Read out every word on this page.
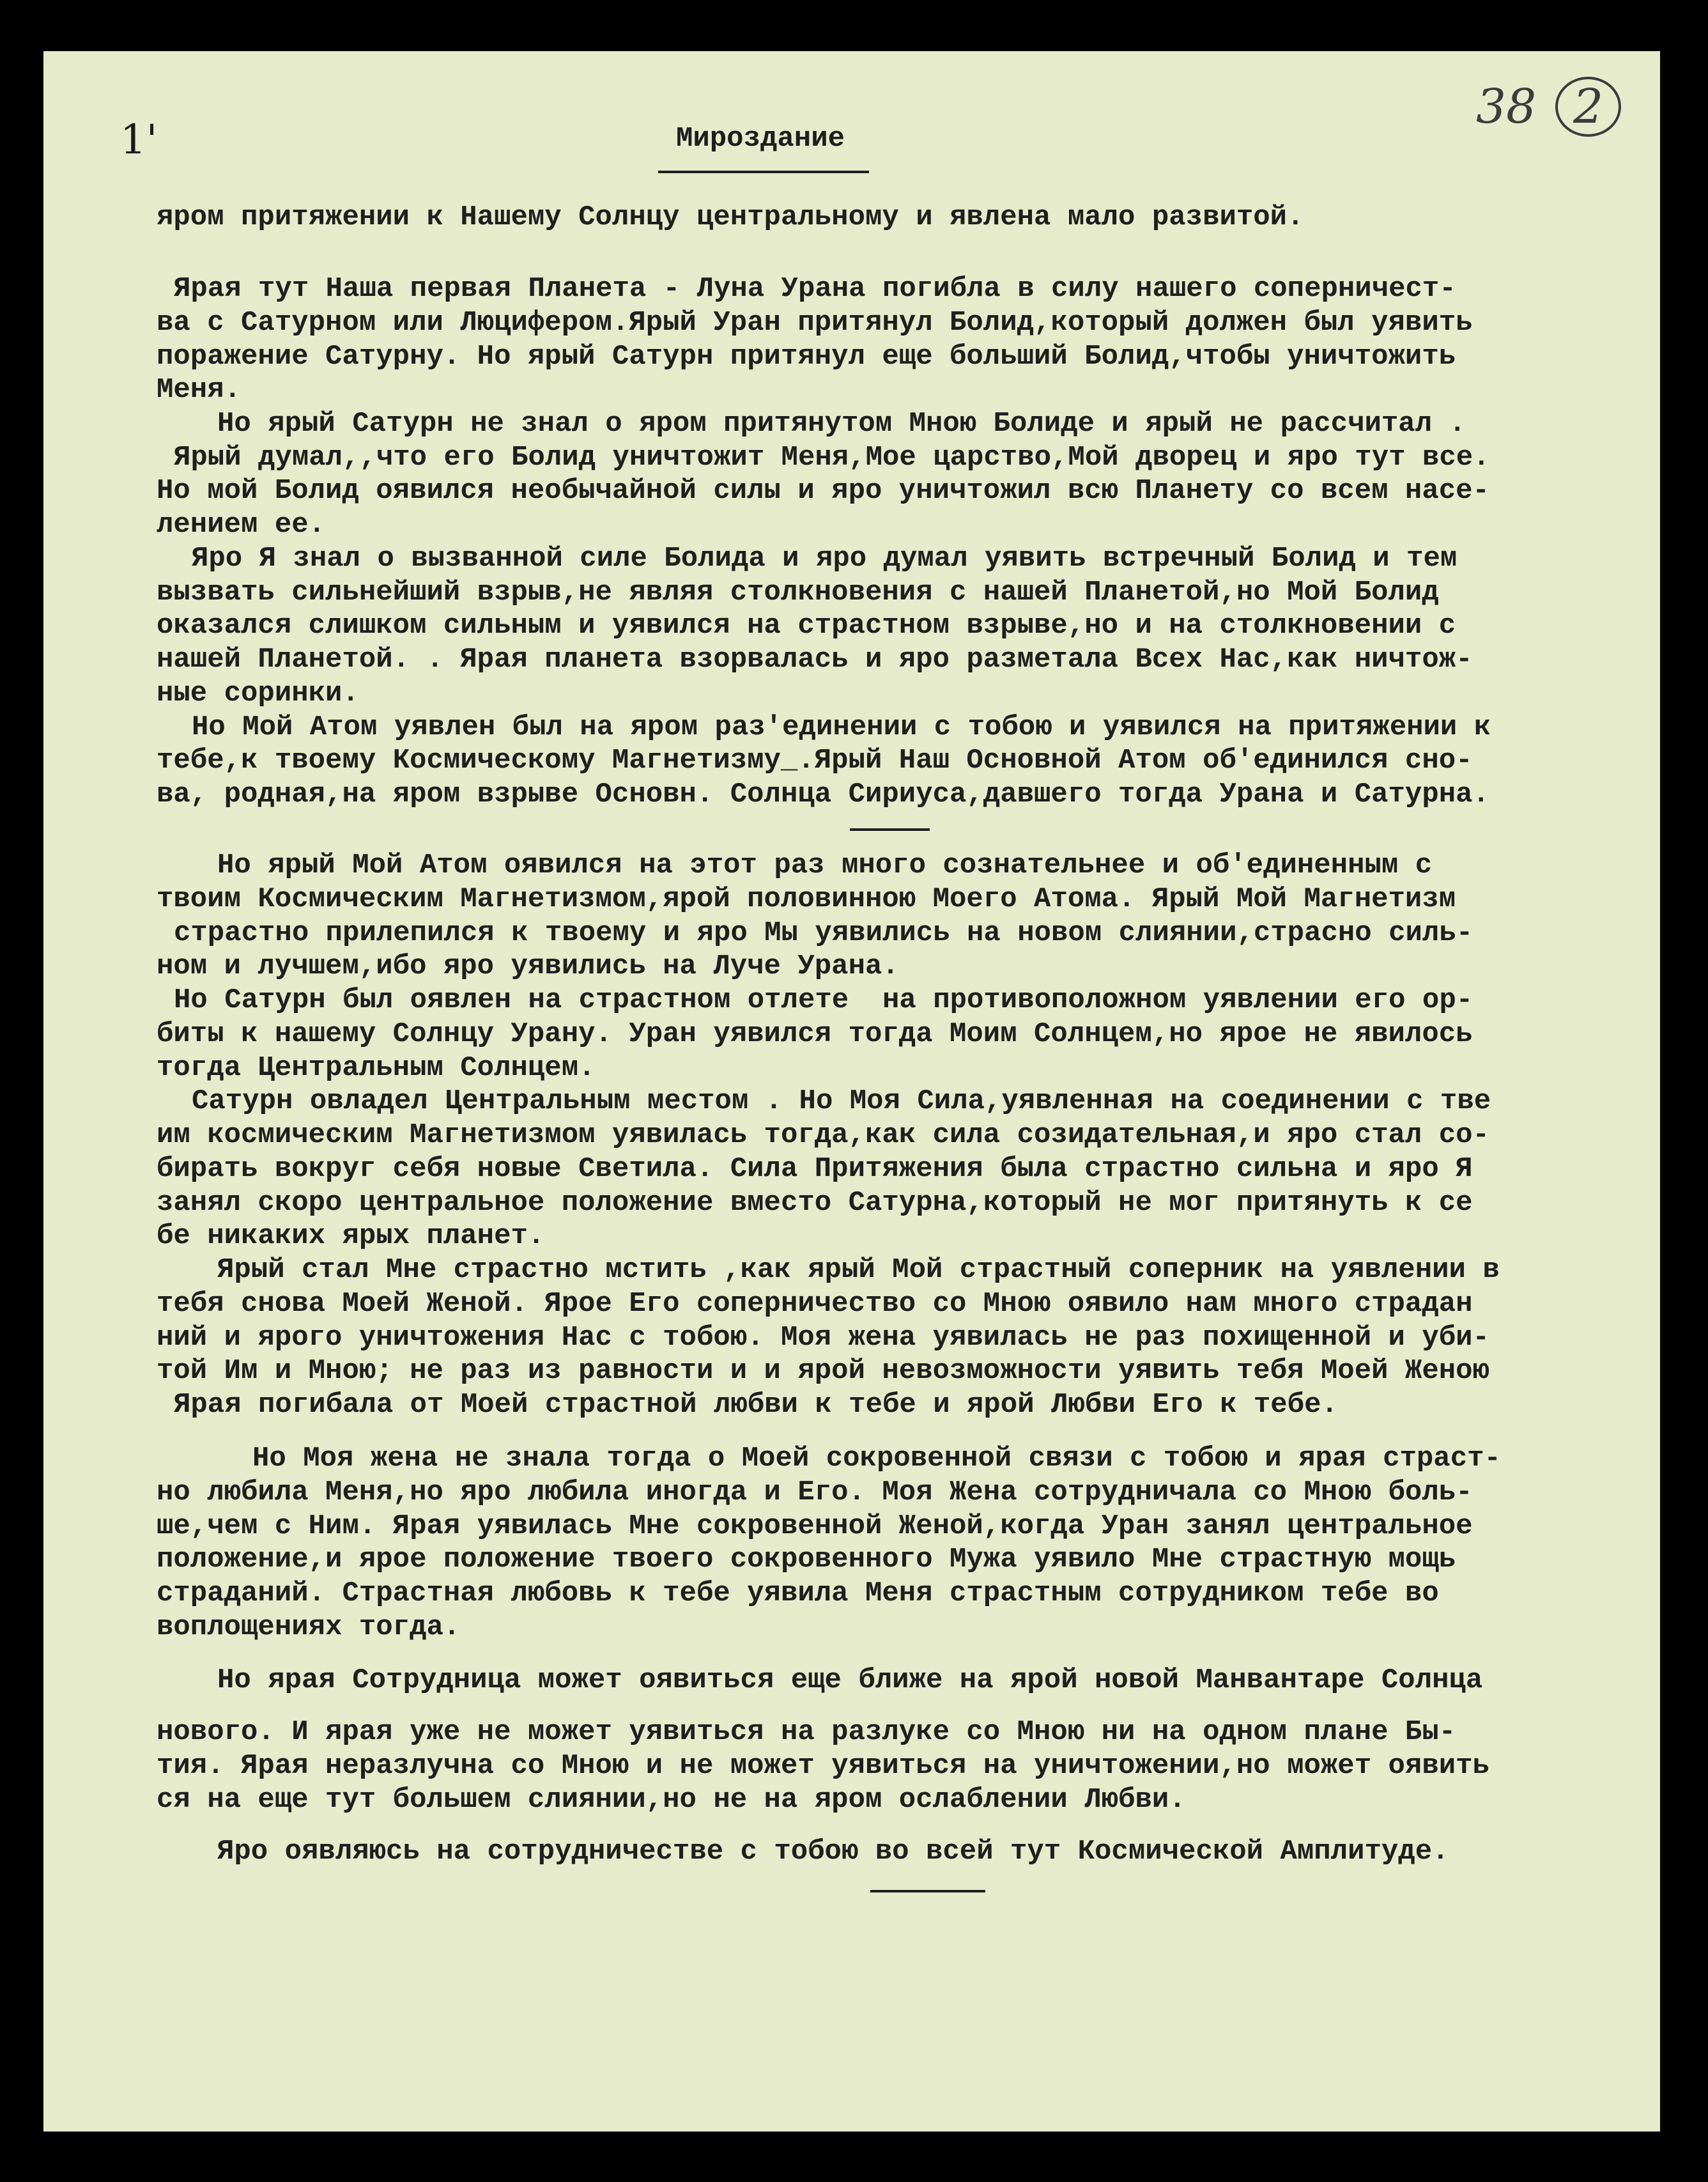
38 2
1'	Мироздание

яром притяжении к Нашему Солнцу центральному и явлена мало развитой.

Ярая тут Наша первая Планета - Луна Урана погибла в силу нашего соперничест-

ва с Сатурном или Люцифером.Ярый Уран притянул Болид,который должен был уявить

поражение Сатурну. Но ярый Сатурн притянул еще больший Болид,чтобы уничтожить

Меня.

Но ярый Сатурн не знал о яром притянутом Мною Болиде и ярый не рассчитал .

Ярый думал,,что его Болид уничтожит Меня,Мое царство,Мой дворец и яро тут все.

Но мой Болид оявился необычайной силы и яро уничтожил всю Планету со всем насе-

лением ее.

Яро Я знал о вызванной силе Болида и яро думал уявить встречный Болид и тем

вызвать сильнейший взрыв,не являя столкновения с нашей Планетой,но Мой Болид

оказался слишком сильным и уявился на страстном взрыве,но и на столкновении с

нашей Планетой. . Ярая планета взорвалась и яро разметала Всех Нас,как ничтож-

ные соринки.

Но Мой Атом уявлен был на яром раз'единении с тобою и уявился на притяжении к

тебе,к твоему Космическому Магнетизму_.Ярый Наш Основной Атом об'единился сно-

ва, родная,на яром взрыве Основн. Солнца Сириуса,давшего тогда Урана и Сатурна.

Но ярый Мой Атом оявился на этот раз много сознательнее и об'единенным с

твоим Космическим Магнетизмом,ярой половинною Моего Атома. Ярый Мой Магнетизм

страстно прилепился к твоему и яро Мы уявились на новом слиянии,страсно силь-

ном и лучшем,ибо яро уявились на Луче Урана.

Но Сатурн был оявлен на страстном отлете  на противоположном уявлении его ор-

биты к нашему Солнцу Урану. Уран уявился тогда Моим Солнцем,но ярое не явилось

тогда Центральным Солнцем.

Сатурн овладел Центральным местом . Но Моя Сила,уявленная на соединении с тве

им космическим Магнетизмом уявилась тогда,как сила созидательная,и яро стал со-

бирать вокруг себя новые Светила. Сила Притяжения была страстно сильна и яро Я

занял скоро центральное положение вместо Сатурна,который не мог притянуть к се

бе никаких ярых планет.

Ярый стал Мне страстно мстить ,как ярый Мой страстный соперник на уявлении в

тебя снова Моей Женой. Ярое Его соперничество со Мною оявило нам много страдан

ний и ярого уничтожения Нас с тобою. Моя жена уявилась не раз похищенной и уби-

той Им и Мною; не раз из равности и и ярой невозможности уявить тебя Моей Женою

Ярая погибала от Моей страстной любви к тебе и ярой Любви Его к тебе.

Но Моя жена не знала тогда о Моей сокровенной связи с тобою и ярая страст-

но любила Меня,но яро любила иногда и Его. Моя Жена сотрудничала со Мною боль-

ше,чем с Ним. Ярая уявилась Мне сокровенной Женой,когда Уран занял центральное

положение,и ярое положение твоего сокровенного Мужа уявило Мне страстную мощь

страданий. Страстная любовь к тебе уявила Меня страстным сотрудником тебе во

воплощениях тогда.

Но ярая Сотрудница может оявиться еще ближе на ярой новой Манвантаре Солнца

нового. И ярая уже не может уявиться на разлуке со Мною ни на одном плане Бы-

тия. Ярая неразлучна со Мною и не может уявиться на уничтожении,но может оявить

ся на еще тут большем слиянии,но не на яром ослаблении Любви.

Яро оявляюсь на сотрудничестве с тобою во всей тут Космической Амплитуде.
